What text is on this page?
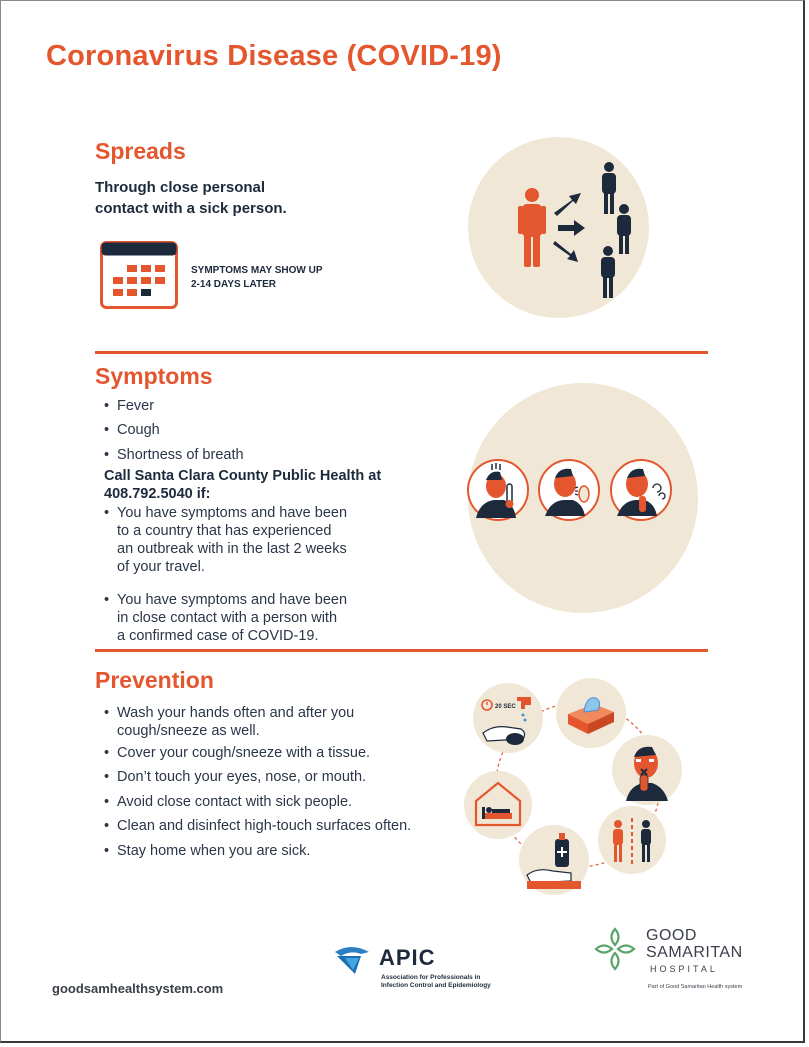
Coronavirus Disease (COVID-19)
Spreads
Through close personal
contact with a sick person.
SYMPTOMS MAY SHOW UP
2-14 DAYS LATER
Symptoms
• Fever
• Cough
• Shortness of breath
Call Santa Clara County Public Health at
408.792.5040 if:
• You have symptoms and have been
to a country that has experienced
an outbreak with in the last 2 weeks
of your travel.
• You have symptoms and have been
in close contact with a person with
a confirmed case of COVID-19.
Prevention
• Wash your hands often and after you
cough/sneeze as well.
• Cover your cough/sneeze with a tissue.
• Don’t touch your eyes, nose, or mouth.
• Avoid close contact with sick people.
• Clean and disinfect high-touch surfaces often.
• Stay home when you are sick.
20 SEC
goodsamhealthsystem.com
APIC
Association for Professionals in
Infection Control and Epidemiology
GOOD
SAMARITAN
HOSPITAL
Part of Good Samaritan Health system
